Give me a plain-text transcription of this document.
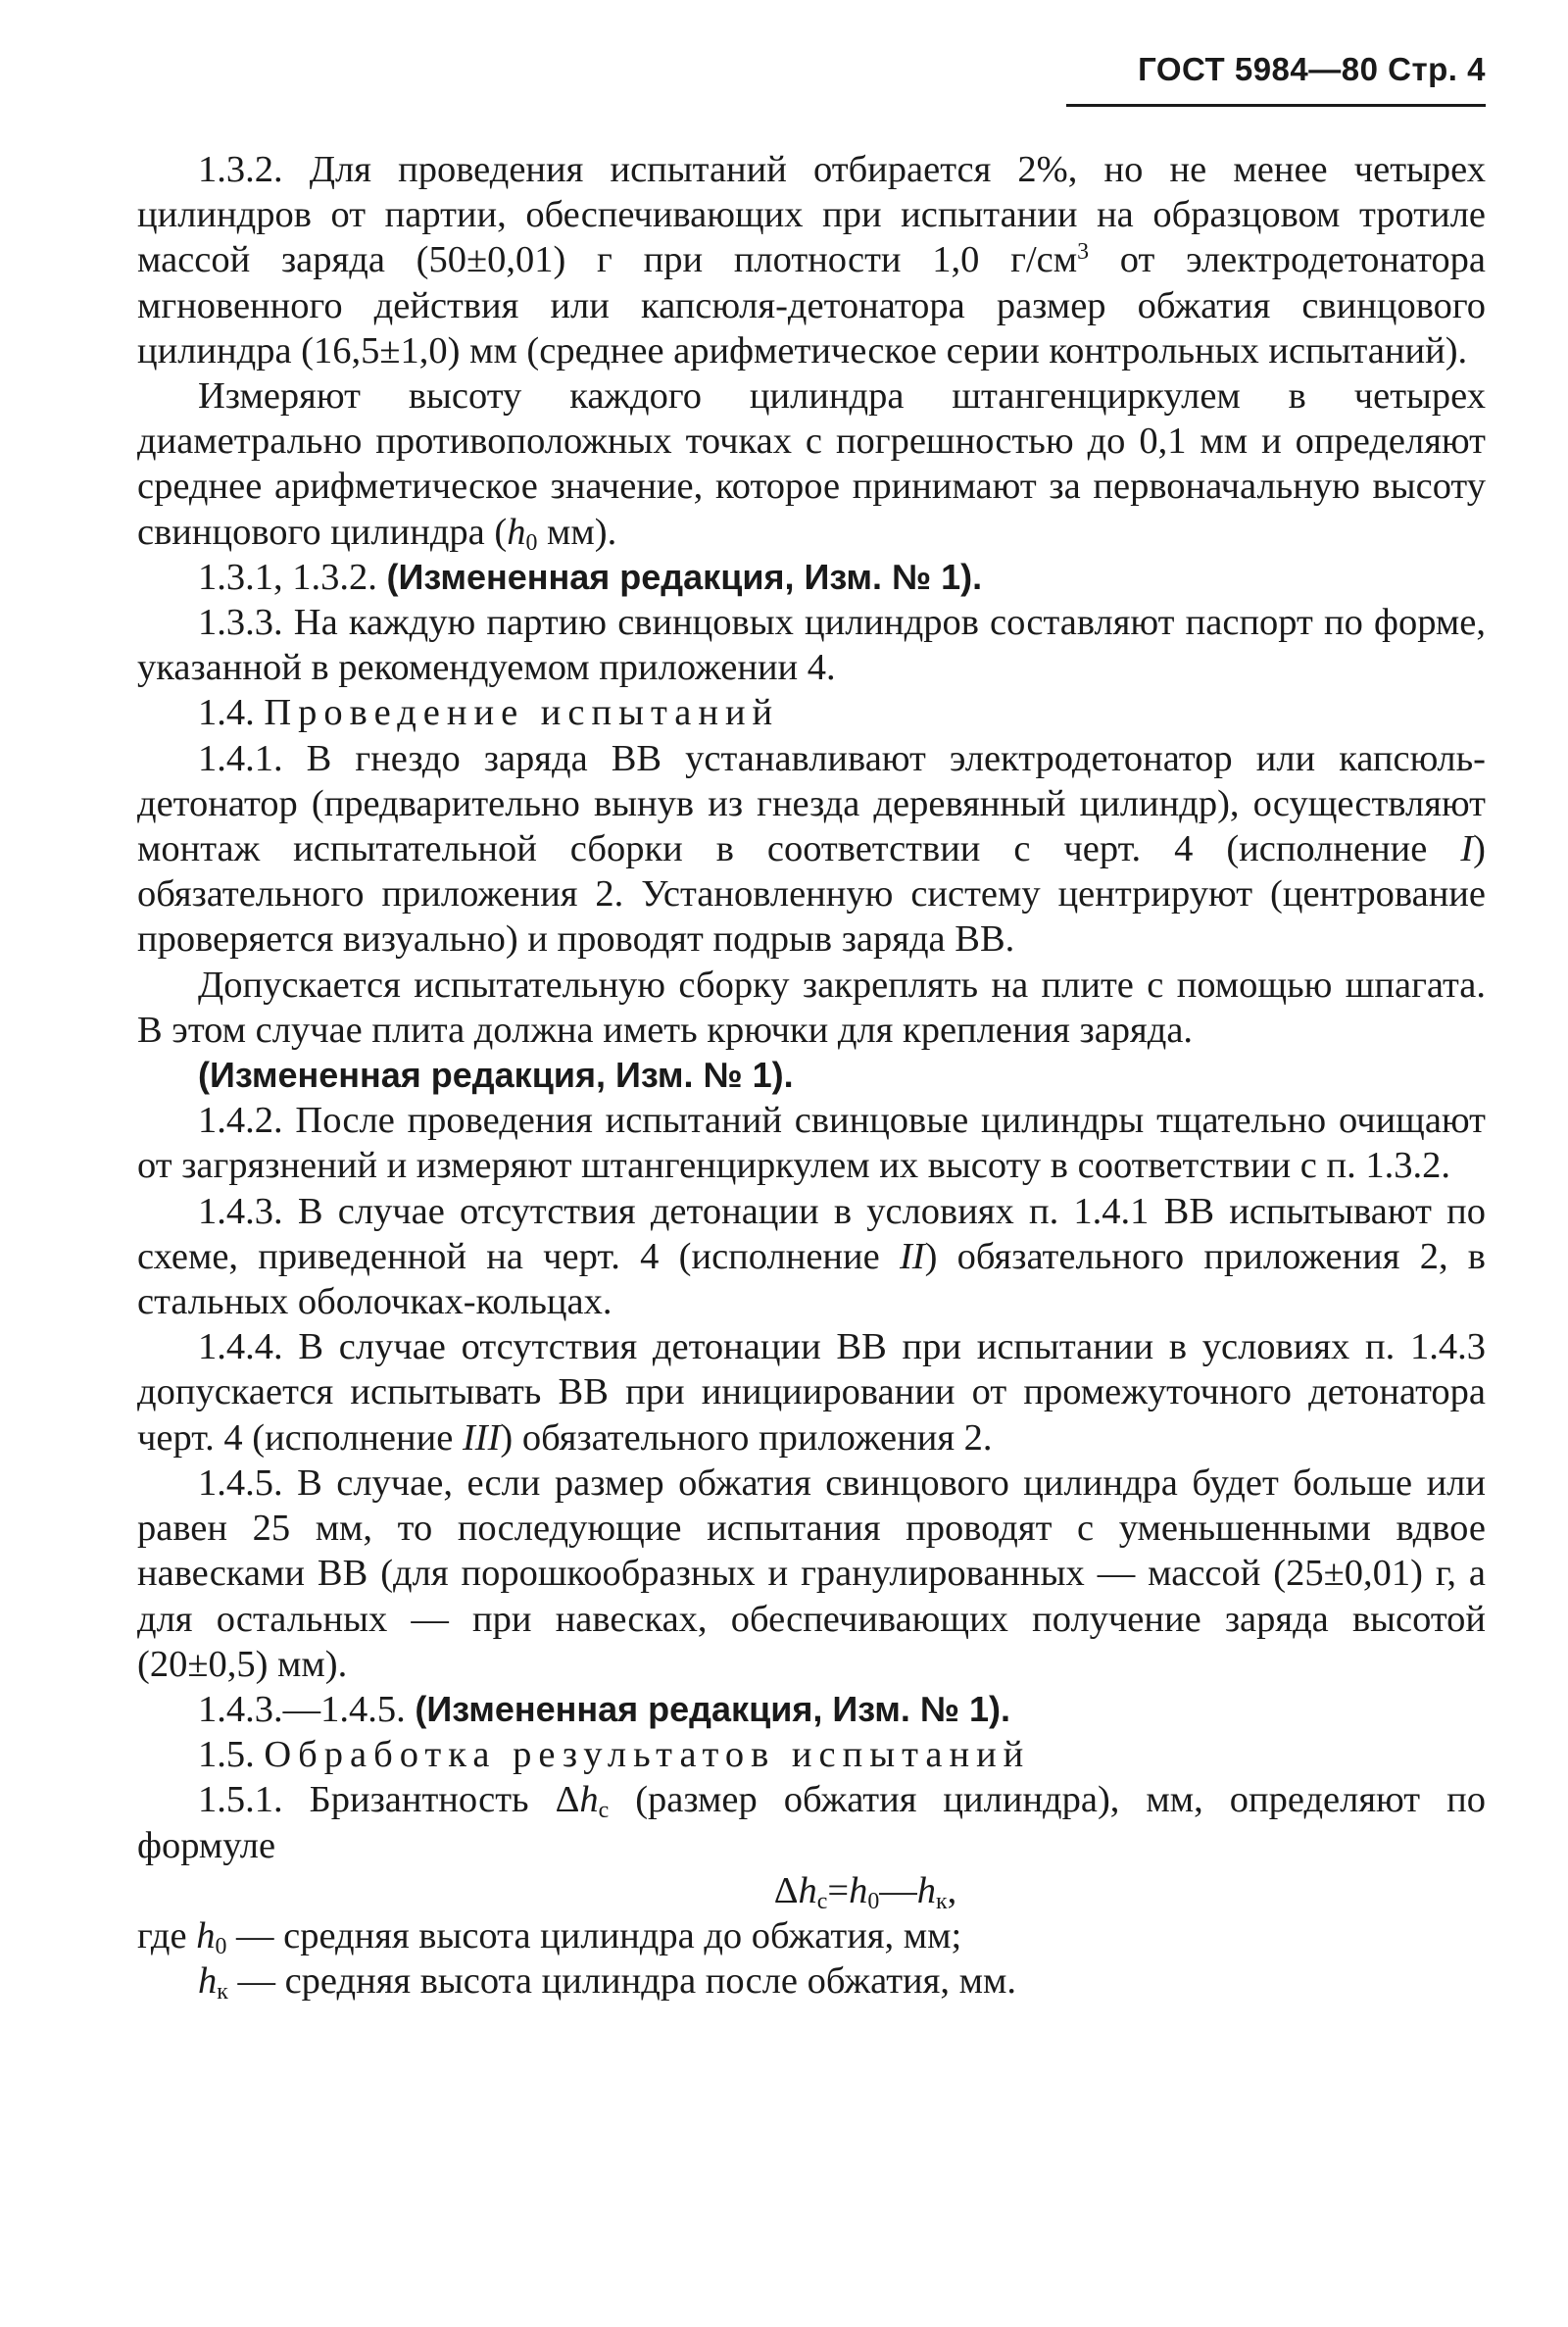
ГОСТ 5984—80 Стр. 4

1.3.2. Для проведения испытаний отбирается 2%, но не менее четырех цилиндров от партии, обеспечивающих при испытании на образцовом тротиле массой заряда (50±0,01) г при плотности 1,0 $г/см^3$ от электродетонатора мгновенного действия или капсюля-детонатора размер обжатия свинцового цилиндра (16,5±1,0) мм (среднее арифметическое серии контрольных испытаний).

Измеряют высоту каждого цилиндра штангенциркулем в четырех диаметрально противоположных точках с погрешностью до 0,1 мм и определяют среднее арифметическое значение, которое принимают за первоначальную высоту свинцового цилиндра ($h_0$ мм).

1.3.1, 1.3.2. (Измененная редакция, Изм. № 1).

1.3.3. На каждую партию свинцовых цилиндров составляют паспорт по форме, указанной в рекомендуемом приложении 4.

1.4. Проведение испытаний

1.4.1. В гнездо заряда ВВ устанавливают электродетонатор или капсюль-детонатор (предварительно вынув из гнезда деревянный цилиндр), осуществляют монтаж испытательной сборки в соответствии с черт. 4 (исполнение I) обязательного приложения 2. Установленную систему центрируют (центрование проверяется визуально) и проводят подрыв заряда ВВ.

Допускается испытательную сборку закреплять на плите с помощью шпагата. В этом случае плита должна иметь крючки для крепления заряда.

(Измененная редакция, Изм. № 1).

1.4.2. После проведения испытаний свинцовые цилиндры тщательно очищают от загрязнений и измеряют штангенциркулем их высоту в соответствии с п. 1.3.2.

1.4.3. В случае отсутствия детонации в условиях п. 1.4.1 ВВ испытывают по схеме, приведенной на черт. 4 (исполнение II) обязательного приложения 2, в стальных оболочках-кольцах.

1.4.4. В случае отсутствия детонации ВВ при испытании в условиях п. 1.4.3 допускается испытывать ВВ при инициировании от промежуточного детонатора черт. 4 (исполнение III) обязательного приложения 2.

1.4.5. В случае, если размер обжатия свинцового цилиндра будет больше или равен 25 мм, то последующие испытания проводят с уменьшенными вдвое навесками ВВ (для порошкообразных и гранулированных — массой (25±0,01) г, а для остальных — при навесках, обеспечивающих получение заряда высотой (20±0,5) мм).

1.4.3.—1.4.5. (Измененная редакция, Изм. № 1).

1.5. Обработка результатов испытаний

1.5.1. Бризантность $\Delta h_c$ (размер обжатия цилиндра), мм, определяют по формуле

$\Delta h_c=h_0—h_к$,

где $h_0$ — средняя высота цилиндра до обжатия, мм;

$h_к$ — средняя высота цилиндра после обжатия, мм.
